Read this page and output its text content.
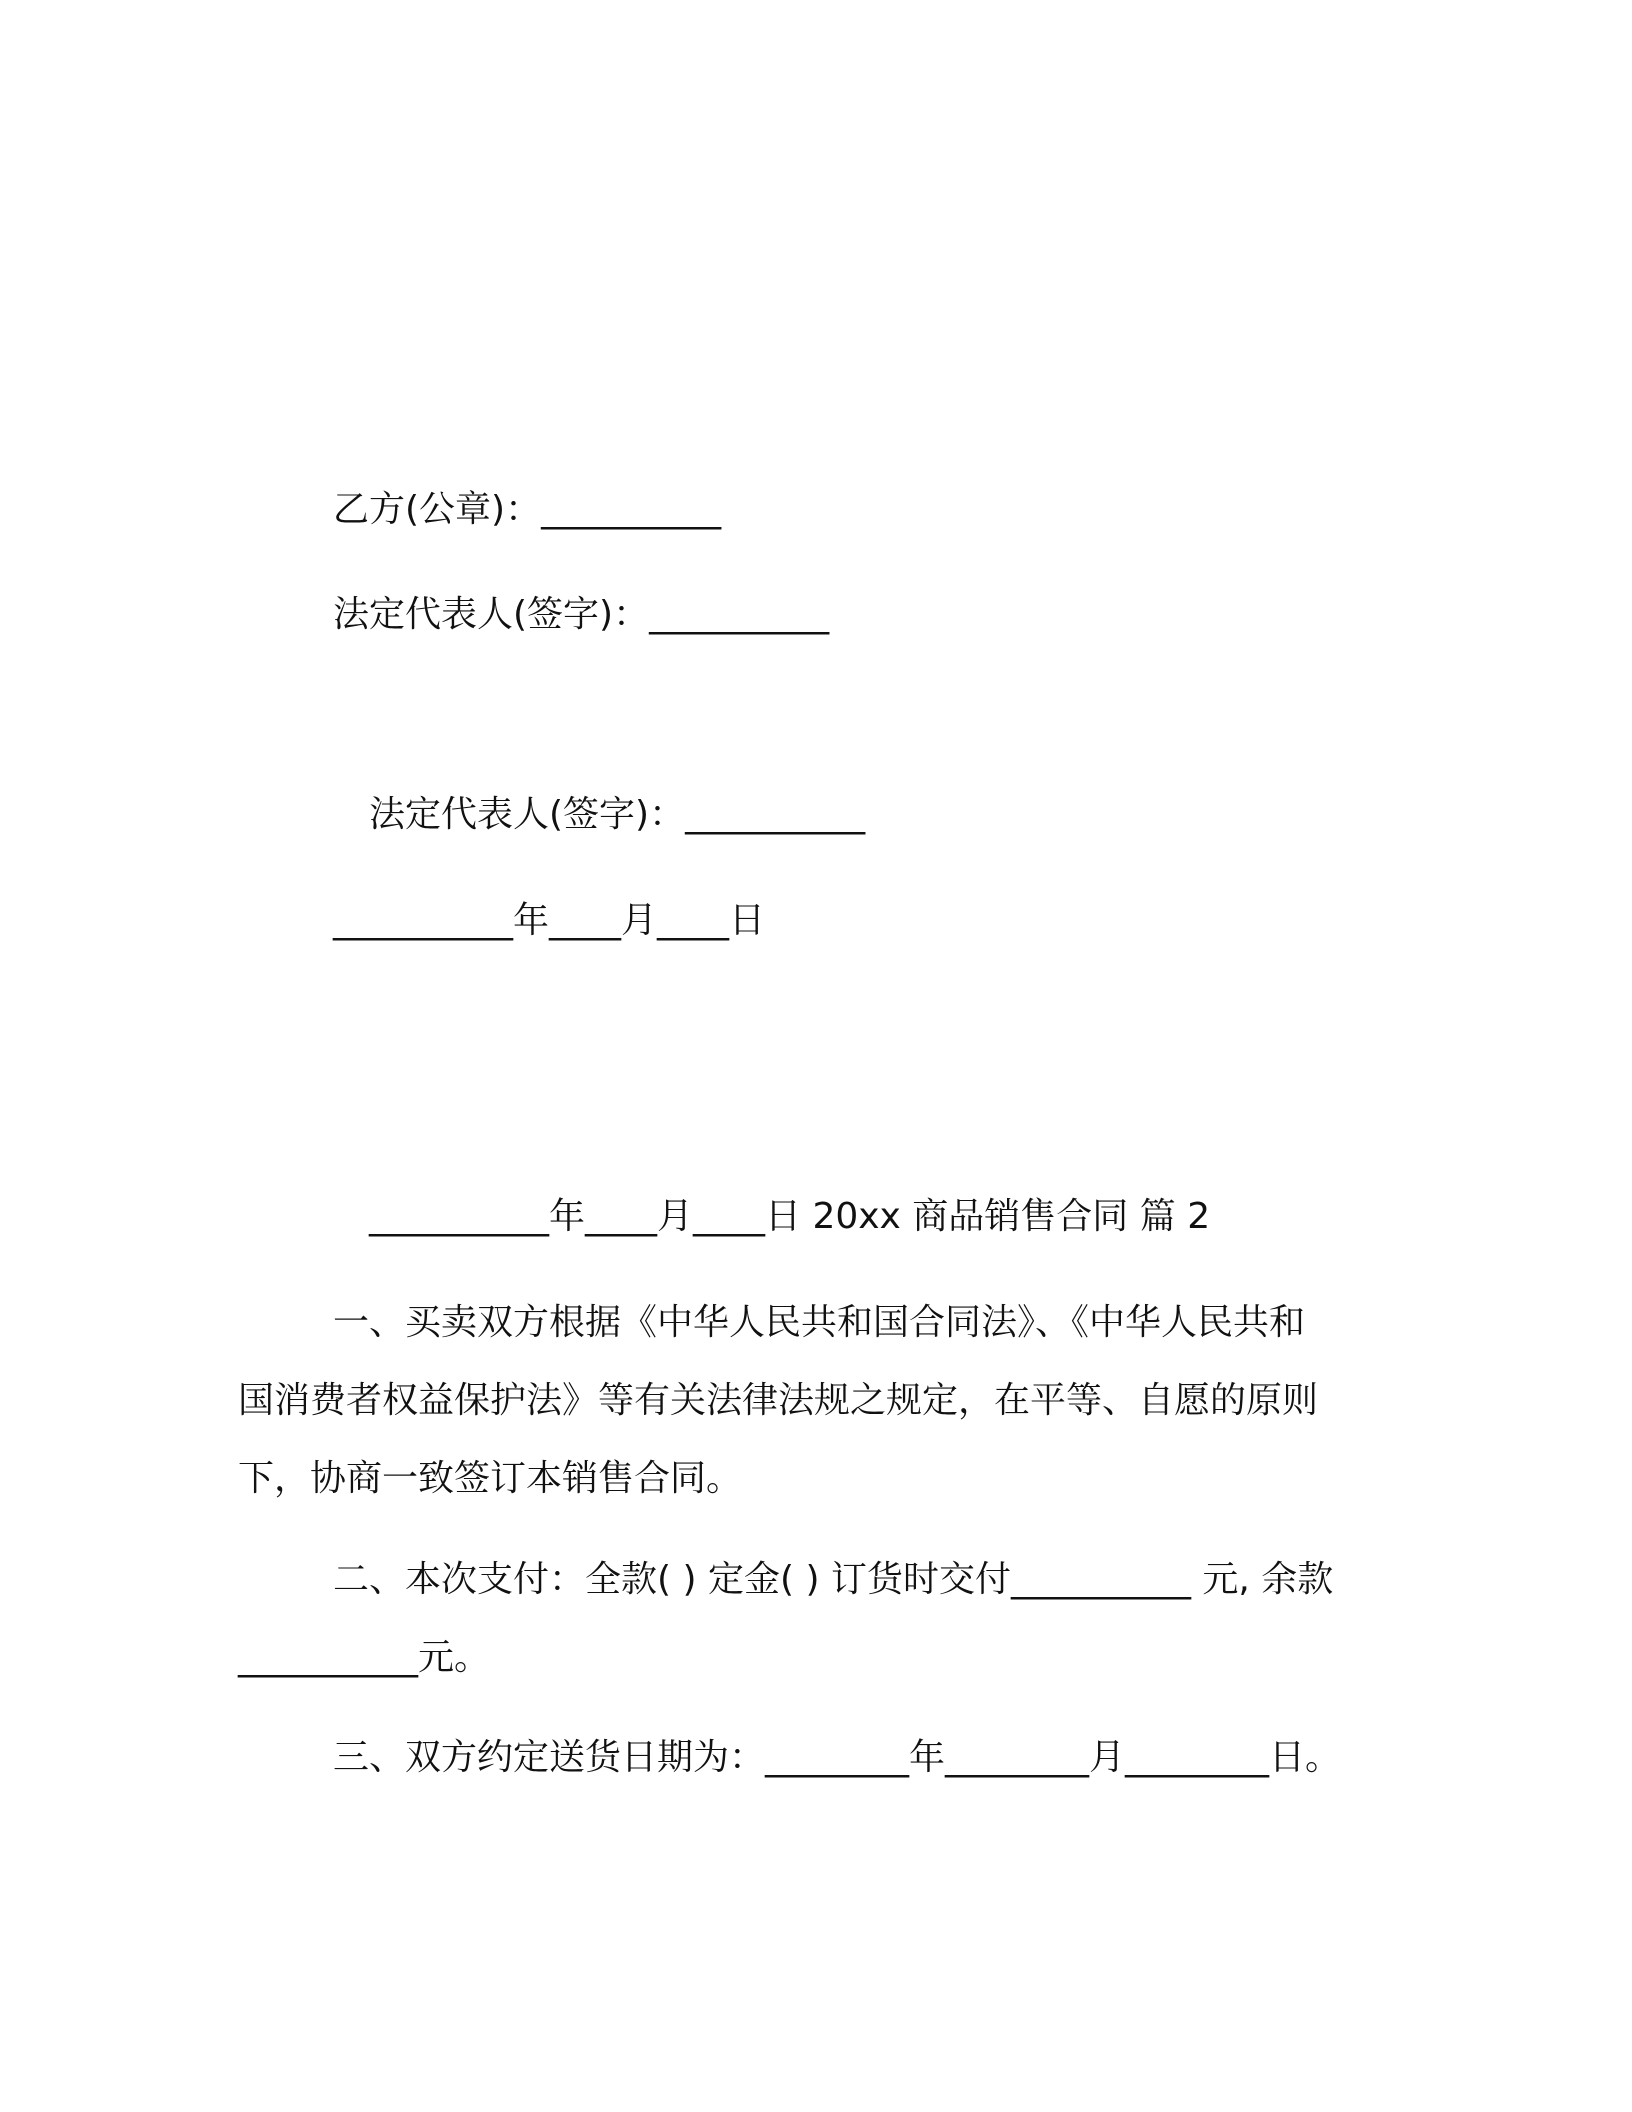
乙方(公章)：__________
法定代表人(签字)：__________
法定代表人(签字)：__________
__________年____月____日
__________年____月____日 20xx 商品销售合同 篇 2
一、买卖双方根据《中华人民共和国合同法》、《中华人民共和
国消费者权益保护法》等有关法律法规之规定，在平等、自愿的原则
下，协商一致签订本销售合同。
二、本次支付：全款( ) 定金( ) 订货时交付__________ 元, 余款
__________元。
三、双方约定送货日期为：________年________月________日。
